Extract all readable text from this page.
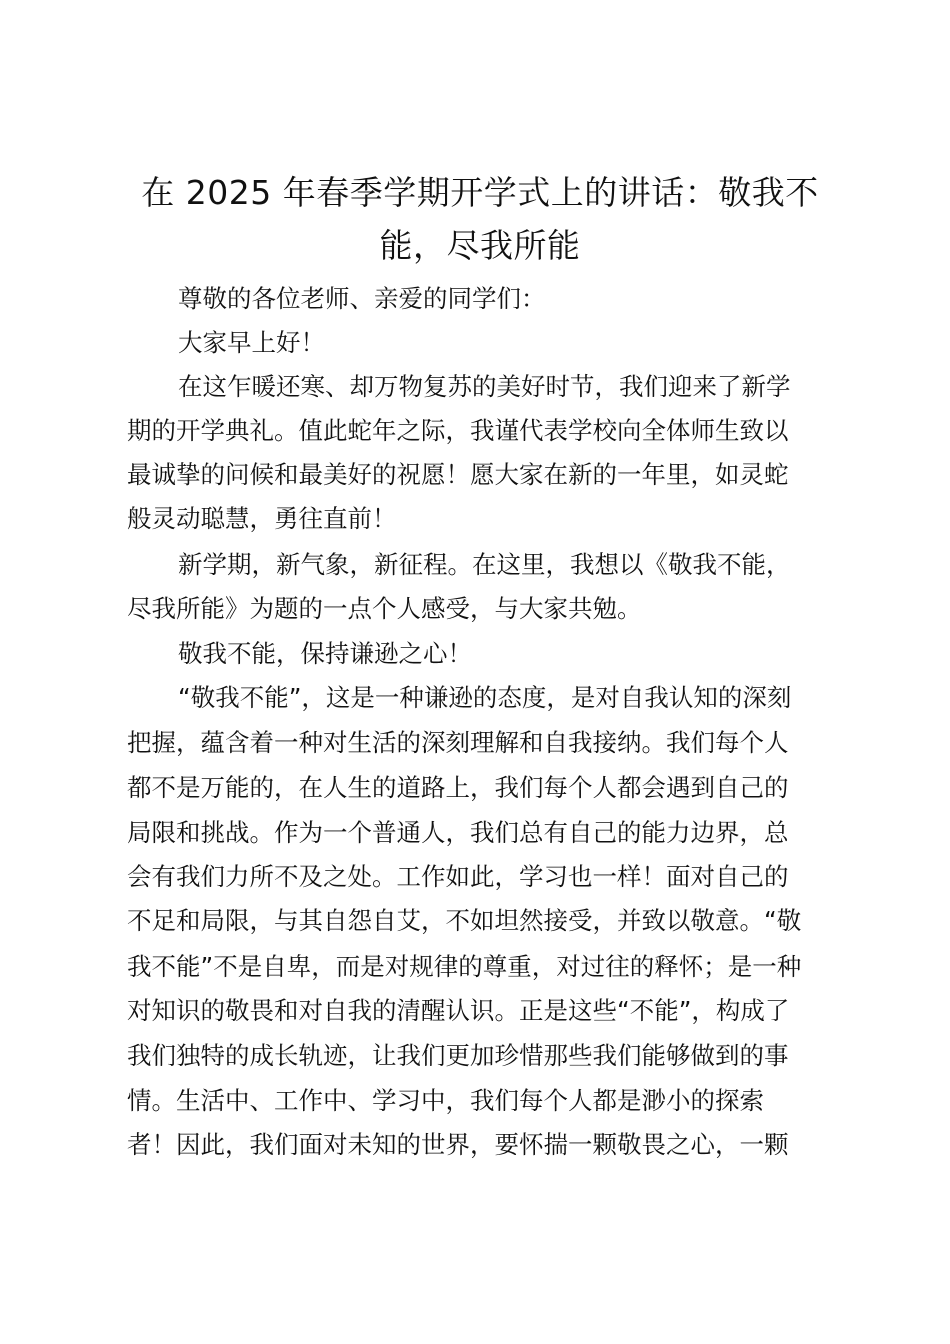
在 2025 年春季学期开学式上的讲话：敬我不
能，尽我所能

尊敬的各位老师、亲爱的同学们：

大家早上好！

在这乍暖还寒、却万物复苏的美好时节，我们迎来了新学

期的开学典礼。值此蛇年之际，我谨代表学校向全体师生致以

最诚挚的问候和最美好的祝愿！愿大家在新的一年里，如灵蛇

般灵动聪慧，勇往直前！

新学期，新气象，新征程。在这里，我想以《敬我不能，

尽我所能》为题的一点个人感受，与大家共勉。

敬我不能，保持谦逊之心！

“敬我不能”，这是一种谦逊的态度，是对自我认知的深刻

把握，蕴含着一种对生活的深刻理解和自我接纳。我们每个人

都不是万能的，在人生的道路上，我们每个人都会遇到自己的

局限和挑战。作为一个普通人，我们总有自己的能力边界，总

会有我们力所不及之处。工作如此，学习也一样！面对自己的

不足和局限，与其自怨自艾，不如坦然接受，并致以敬意。“敬

我不能”不是自卑，而是对规律的尊重，对过往的释怀；是一种

对知识的敬畏和对自我的清醒认识。正是这些“不能”，构成了

我们独特的成长轨迹，让我们更加珍惜那些我们能够做到的事

情。生活中、工作中、学习中，我们每个人都是渺小的探索

者！因此，我们面对未知的世界，要怀揣一颗敬畏之心，一颗
